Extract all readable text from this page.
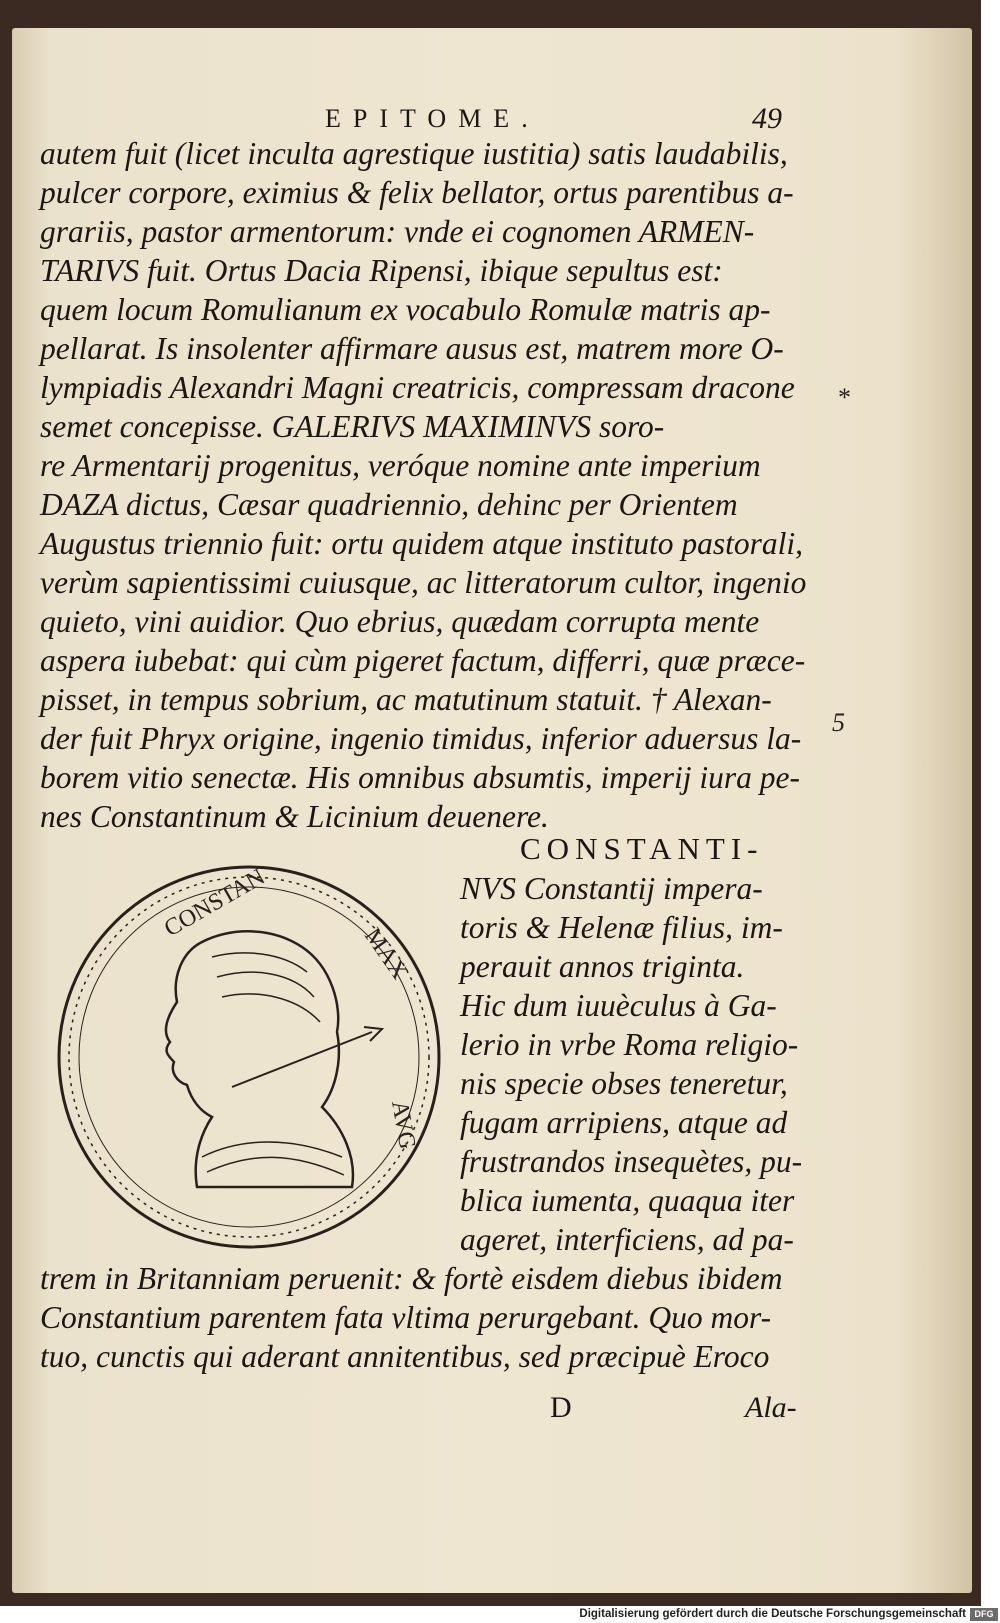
EPITOME.	49
autem fuit (licet inculta agrestique iustitia) satis laudabilis,
pulcer corpore, eximius & felix bellator, ortus parentibus a-
grariis, pastor armentorum: vnde ei cognomen ARMEN-
TARIVS fuit. Ortus Dacia Ripensi, ibique sepultus est:
quem locum Romulianum ex vocabulo Romulæ matris ap-
pellarat. Is insolenter affirmare ausus est, matrem more O-
lympiadis Alexandri Magni creatricis, compressam dracone
semet concepisse. GALERIVS MAXIMINVS soro-
re Armentarij progenitus, veróque nomine ante imperium
DAZA dictus, Cæsar quadriennio, dehinc per Orientem
Augustus triennio fuit: ortu quidem atque instituto pastorali,
verùm sapientissimi cuiusque, ac litteratorum cultor, ingenio
quieto, vini auidior. Quo ebrius, quædam corrupta mente
aspera iubebat: qui cùm pigeret factum, differri, quæ præce-
pisset, in tempus sobrium, ac matutinum statuit. † Alexan-
der fuit Phryx origine, ingenio timidus, inferior aduersus la-
borem vitio senectæ. His omnibus absumtis, imperij iura pe-
nes Constantinum & Licinium deuenere.
CONSTANTI-
NVS Constantij impera-
toris & Helenæ filius, im-
perauit annos triginta.
Hic dum iuuèculus à Ga-
lerio in vrbe Roma religio-
nis specie obses teneretur,
fugam arripiens, atque ad
frustrandos insequètes, pu-
blica iumenta, quaqua iter
ageret, interficiens, ad pa-
trem in Britanniam peruenit: & fortè eisdem diebus ibidem
Constantium parentem fata vltima perurgebant. Quo mor-
tuo, cunctis qui aderant annitentibus, sed præcipuè Eroco
CONSTAN
MAX
AVG
*
5
D	Ala-
Digitalisierung gefördert durch die Deutsche Forschungsgemeinschaft DFG
